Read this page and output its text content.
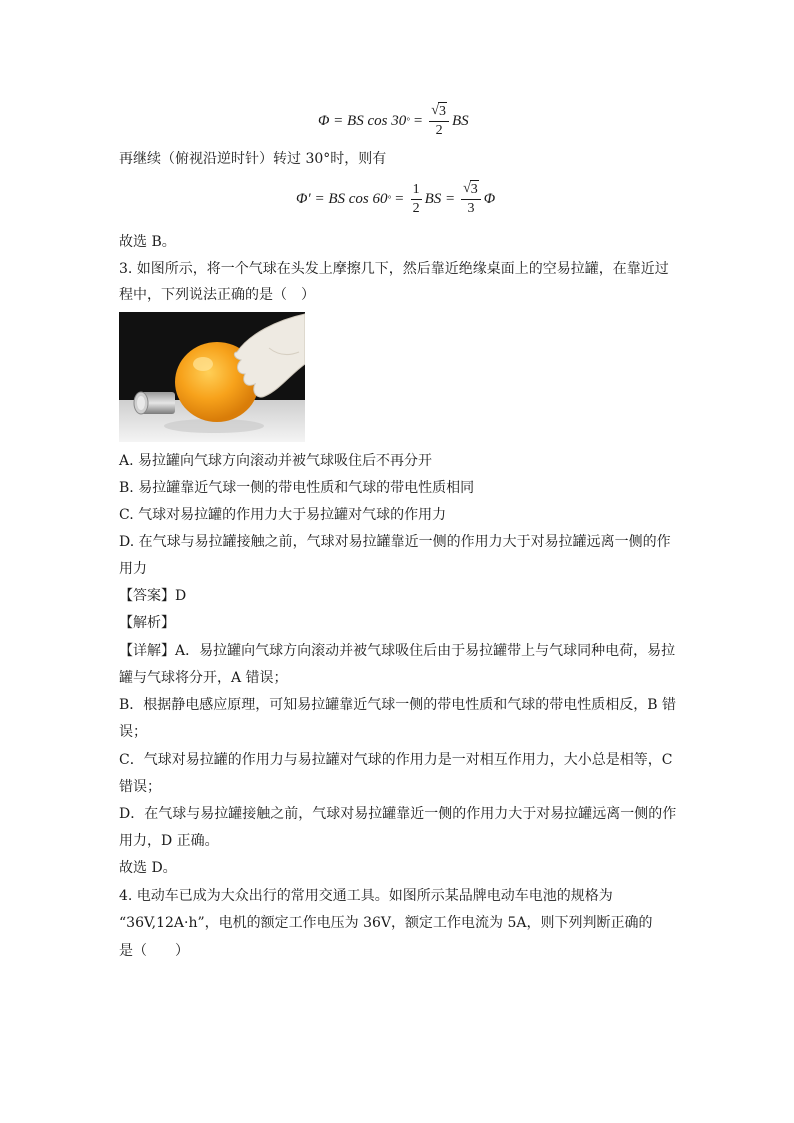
Φ = BS cos 30 ° = $\frac{√ 3}{2}$ BS
再继续（俯视沿逆时针）转过 30°时，则有
Φ′ = BS cos 60 ° = $\frac{1}{2}$ BS = $\frac{√ 3}{3}$ Φ
故选 B。
3. 如图所示，将一个气球在头发上摩擦几下，然后靠近绝缘桌面上的空易拉罐，在靠近过
程中，下列说法正确的是（　）
A. 易拉罐向气球方向滚动并被气球吸住后不再分开
B. 易拉罐靠近气球一侧的带电性质和气球的带电性质相同
C. 气球对易拉罐的作用力大于易拉罐对气球的作用力
D. 在气球与易拉罐接触之前，气球对易拉罐靠近一侧的作用力大于对易拉罐远离一侧的作
用力
【答案】D
【解析】
【详解】A．易拉罐向气球方向滚动并被气球吸住后由于易拉罐带上与气球同种电荷，易拉
罐与气球将分开，A 错误；
B．根据静电感应原理，可知易拉罐靠近气球一侧的带电性质和气球的带电性质相反，B 错
误；
C．气球对易拉罐的作用力与易拉罐对气球的作用力是一对相互作用力，大小总是相等，C
错误；
D．在气球与易拉罐接触之前，气球对易拉罐靠近一侧的作用力大于对易拉罐远离一侧的作
用力，D 正确。
故选 D。
4. 电动车已成为大众出行的常用交通工具。如图所示某品牌电动车电池的规格为
“36V,12A·h”，电机的额定工作电压为 36V，额定工作电流为 5A，则下列判断正确的
是（　　）
